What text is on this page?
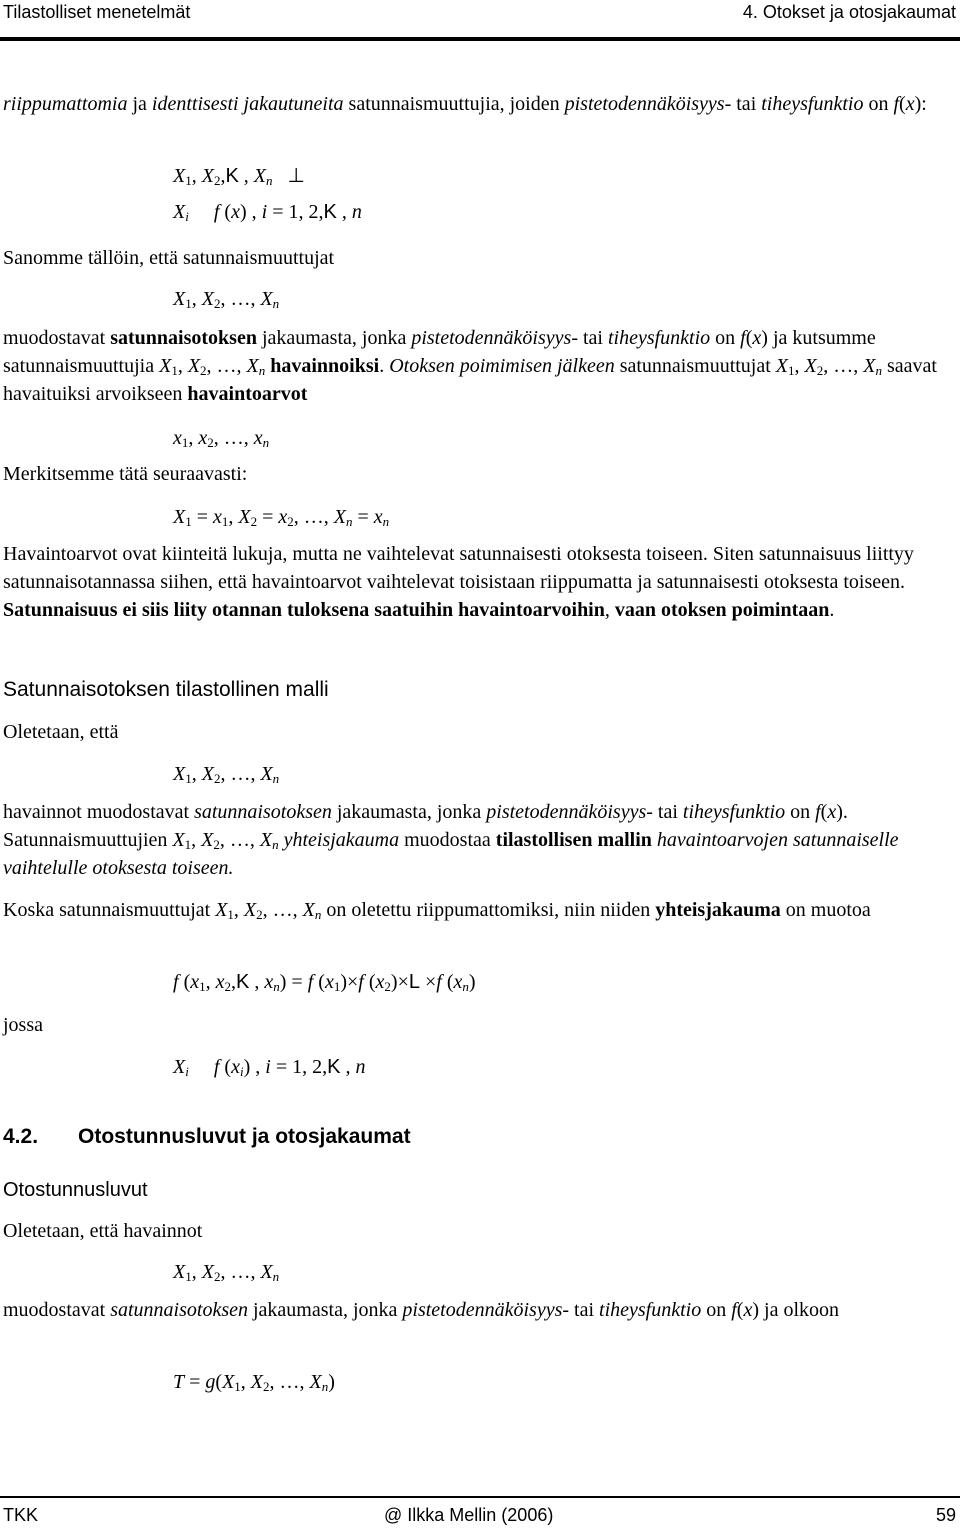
Tilastolliset menetelmät	4. Otokset ja otosjakaumat

riippumattomia ja identtisesti jakautuneita satunnaismuuttujia, joiden pistetodennäköisyys- tai tiheysfunktio on f(x):

$X_1$, $X_2,K$ , $X_n$   ⊥
$X_i$ f (x) , i = 1, 2,K , n

Sanomme tällöin, että satunnaismuuttujat

$X_1$, $X_2$, …, $X_n$

muodostavat satunnaisotoksen jakaumasta, jonka pistetodennäköisyys- tai tiheysfunktio on f(x) ja kutsumme satunnaismuuttujia $X_1$, $X_2$, …, $X_n$ havainnoiksi. Otoksen poimimisen jälkeen satunnaismuuttujat $X_1$, $X_2$, …, $X_n$ saavat havaituiksi arvoikseen havaintoarvot

$x_1$, $x_2$, …, $x_n$

Merkitsemme tätä seuraavasti:

$X_1 = x_1$, $X_2 = x_2$, …, $X_n = x_n$

Havaintoarvot ovat kiinteitä lukuja, mutta ne vaihtelevat satunnaisesti otoksesta toiseen. Siten satunnaisuus liittyy satunnaisotannassa siihen, että havaintoarvot vaihtelevat toisistaan riippumatta ja satunnaisesti otoksesta toiseen. Satunnaisuus ei siis liity otannan tuloksena saatuihin havaintoarvoihin, vaan otoksen poimintaan.

Satunnaisotoksen tilastollinen malli

Oletetaan, että

$X_1$, $X_2$, …, $X_n$

havainnot muodostavat satunnaisotoksen jakaumasta, jonka pistetodennäköisyys- tai tiheysfunktio on f(x). Satunnaismuuttujien $X_1$, $X_2$, …, $X_n$ yhteisjakauma muodostaa tilastollisen mallin havaintoarvojen satunnaiselle vaihtelulle otoksesta toiseen.

Koska satunnaismuuttujat $X_1$, $X_2$, …, $X_n$ on oletettu riippumattomiksi, niin niiden yhteisjakauma on muotoa

f ($x_1$, $x_2,K$ , $x_n) = f$ $(x_1)\times f$ $(x_2)\times L \times f$ $(x_n)$

jossa

$X_i$ f $(x_i)$ , i = 1, 2,K , n
4.2. Otostunnusluvut ja otosjakaumat
Otostunnusluvut

Oletetaan, että havainnot

$X_1$, $X_2$, …, $X_n$

muodostavat satunnaisotoksen jakaumasta, jonka pistetodennäköisyys- tai tiheysfunktio on f(x) ja olkoon

$T = g(X_1$, $X_2$, …, $X_n$)
TKK	@ Ilkka Mellin (2006)	59
